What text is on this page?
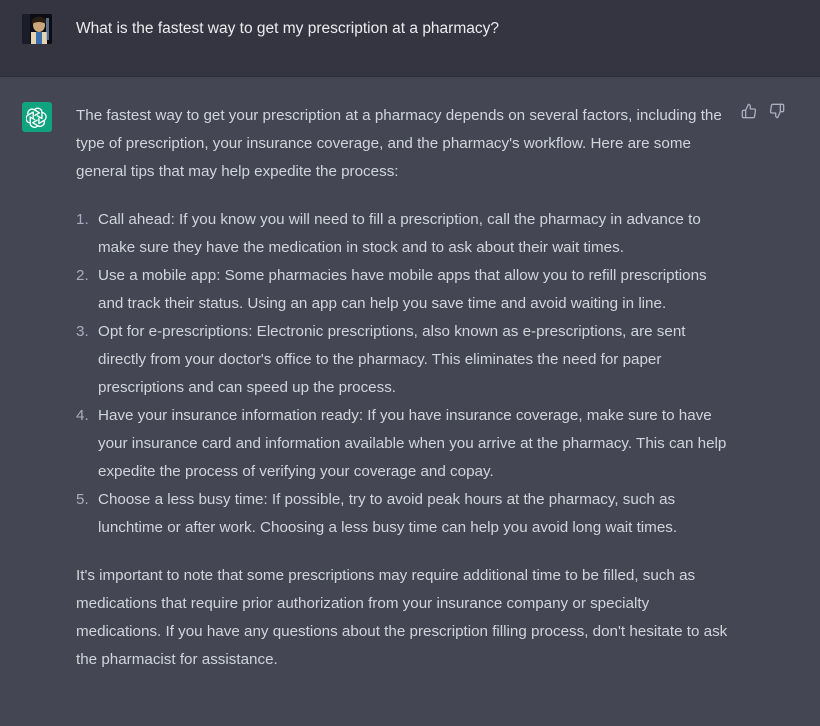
What is the fastest way to get my prescription at a pharmacy?

The fastest way to get your prescription at a pharmacy depends on several factors, including the type of prescription, your insurance coverage, and the pharmacy's workflow. Here are some general tips that may help expedite the process:

1. Call ahead: If you know you will need to fill a prescription, call the pharmacy in advance to make sure they have the medication in stock and to ask about their wait times.
2. Use a mobile app: Some pharmacies have mobile apps that allow you to refill prescriptions and track their status. Using an app can help you save time and avoid waiting in line.
3. Opt for e-prescriptions: Electronic prescriptions, also known as e-prescriptions, are sent directly from your doctor's office to the pharmacy. This eliminates the need for paper prescriptions and can speed up the process.
4. Have your insurance information ready: If you have insurance coverage, make sure to have your insurance card and information available when you arrive at the pharmacy. This can help expedite the process of verifying your coverage and copay.
5. Choose a less busy time: If possible, try to avoid peak hours at the pharmacy, such as lunchtime or after work. Choosing a less busy time can help you avoid long wait times.

It's important to note that some prescriptions may require additional time to be filled, such as medications that require prior authorization from your insurance company or specialty medications. If you have any questions about the prescription filling process, don't hesitate to ask the pharmacist for assistance.
